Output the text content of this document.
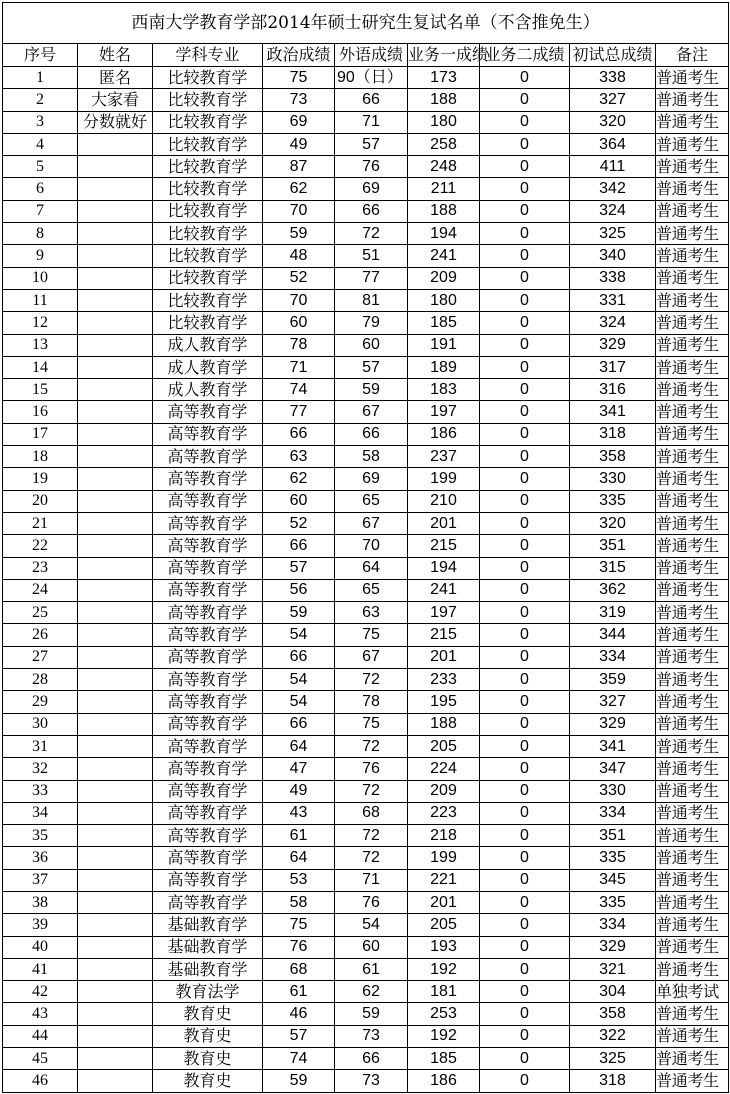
西南大学教育学部2014年硕士研究生复试名单（不含推免生）								
序号	姓名	学科专业	政治成绩	外语成绩	业务一成绩	业务二成绩	初试总成绩	备注
1	匿名	比较教育学	75	90（日）	173	0	338	普通考生
2	大家看	比较教育学	73	66	188	0	327	普通考生
3	分数就好	比较教育学	69	71	180	0	320	普通考生
4		比较教育学	49	57	258	0	364	普通考生
5		比较教育学	87	76	248	0	411	普通考生
6		比较教育学	62	69	211	0	342	普通考生
7		比较教育学	70	66	188	0	324	普通考生
8		比较教育学	59	72	194	0	325	普通考生
9		比较教育学	48	51	241	0	340	普通考生
10		比较教育学	52	77	209	0	338	普通考生
11		比较教育学	70	81	180	0	331	普通考生
12		比较教育学	60	79	185	0	324	普通考生
13		成人教育学	78	60	191	0	329	普通考生
14		成人教育学	71	57	189	0	317	普通考生
15		成人教育学	74	59	183	0	316	普通考生
16		高等教育学	77	67	197	0	341	普通考生
17		高等教育学	66	66	186	0	318	普通考生
18		高等教育学	63	58	237	0	358	普通考生
19		高等教育学	62	69	199	0	330	普通考生
20		高等教育学	60	65	210	0	335	普通考生
21		高等教育学	52	67	201	0	320	普通考生
22		高等教育学	66	70	215	0	351	普通考生
23		高等教育学	57	64	194	0	315	普通考生
24		高等教育学	56	65	241	0	362	普通考生
25		高等教育学	59	63	197	0	319	普通考生
26		高等教育学	54	75	215	0	344	普通考生
27		高等教育学	66	67	201	0	334	普通考生
28		高等教育学	54	72	233	0	359	普通考生
29		高等教育学	54	78	195	0	327	普通考生
30		高等教育学	66	75	188	0	329	普通考生
31		高等教育学	64	72	205	0	341	普通考生
32		高等教育学	47	76	224	0	347	普通考生
33		高等教育学	49	72	209	0	330	普通考生
34		高等教育学	43	68	223	0	334	普通考生
35		高等教育学	61	72	218	0	351	普通考生
36		高等教育学	64	72	199	0	335	普通考生
37		高等教育学	53	71	221	0	345	普通考生
38		高等教育学	58	76	201	0	335	普通考生
39		基础教育学	75	54	205	0	334	普通考生
40		基础教育学	76	60	193	0	329	普通考生
41		基础教育学	68	61	192	0	321	普通考生
42		教育法学	61	62	181	0	304	单独考试
43		教育史	46	59	253	0	358	普通考生
44		教育史	57	73	192	0	322	普通考生
45		教育史	74	66	185	0	325	普通考生
46		教育史	59	73	186	0	318	普通考生
